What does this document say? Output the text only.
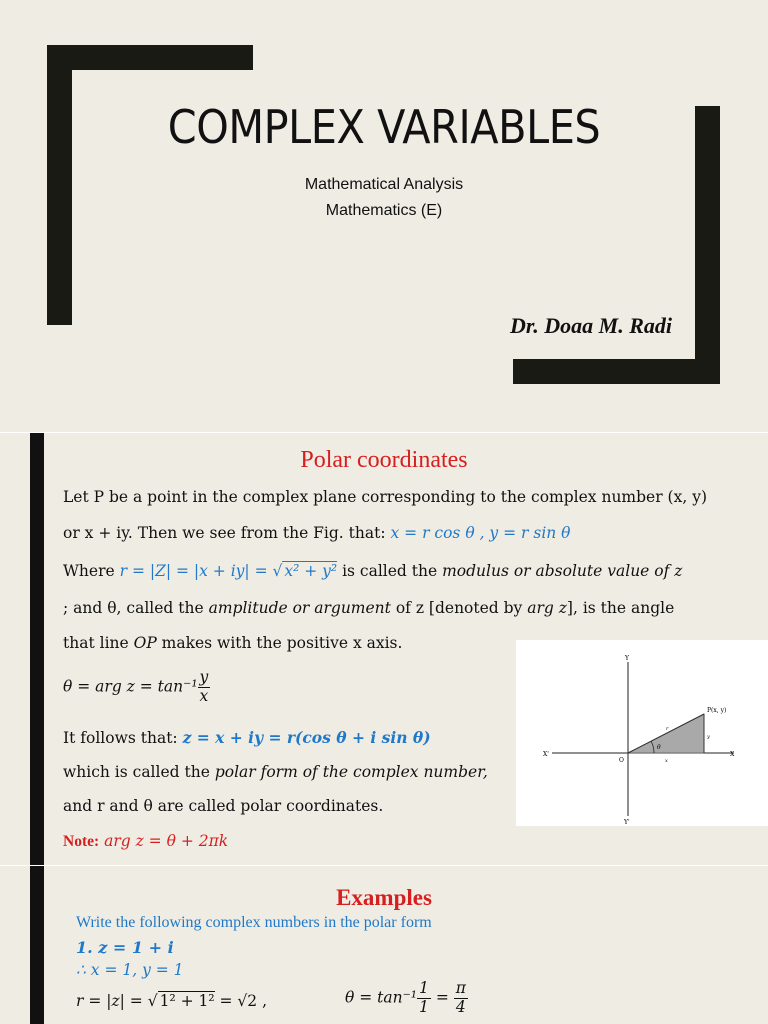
COMPLEX VARIABLES
Mathematical Analysis
Mathematics (E)
Dr. Doaa M. Radi
Polar coordinates
Let P be a point in the complex plane corresponding to the complex number (x, y)
or x + iy. Then we see from the Fig. that: x = r cos θ , y = r sin θ
Where r = |Z| = |x + iy| = √ x² + y² is called the modulus or absolute value of z
; and θ, called the amplitude or argument of z [denoted by arg z], is the angle
that line OP makes with the positive x axis.
θ = arg $z = \tan^{-1} \frac{y}{x}$
It follows that: z = x + iy = r(cos θ + i sin θ)
which is called the polar form of the complex number,
and r and θ are called polar coordinates.
Note: arg z = θ + 2πk
Y
Y'
X
X'
O
P(x, y)
r
θ
y
x
Examples
Write the following complex numbers in the polar form
1. z = 1 + i
∴ x = 1, y = 1
r = |z| = √ 1² + 1² = √2 ,	$\theta = \tan^{-1} \frac{1}{1} = \frac{\pi}{4}$
